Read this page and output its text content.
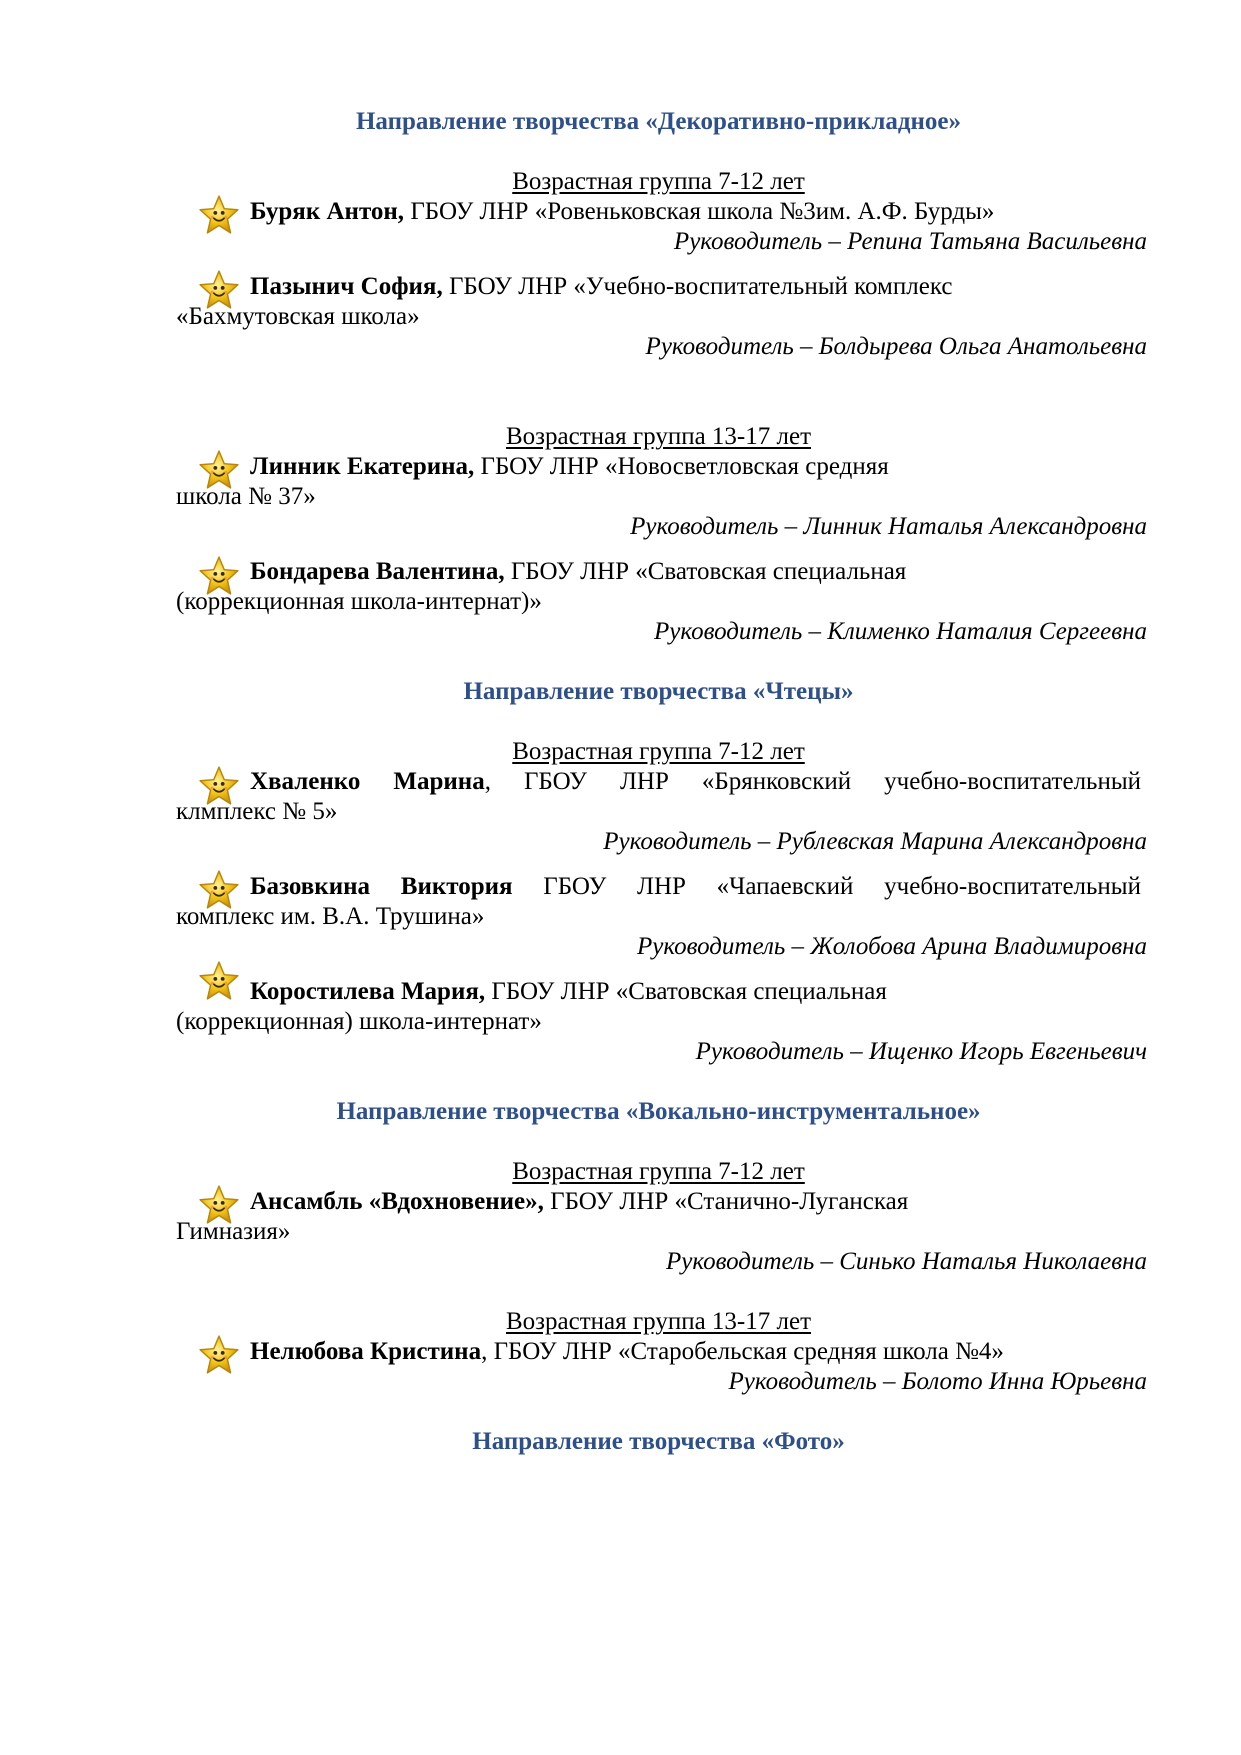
Направление творчества «Декоративно-прикладное»
Возрастная группа 7-12 лет
Буряк Антон, ГБОУ ЛНР «Ровеньковская школа №3им. А.Ф. Бурды»
Руководитель – Репина Татьяна Васильевна
Пазынич София, ГБОУ ЛНР «Учебно-воспитательный комплекс
«Бахмутовская школа»
Руководитель – Болдырева Ольга Анатольевна
Возрастная группа 13-17 лет
Линник Екатерина, ГБОУ ЛНР «Новосветловская средняя
школа № 37»
Руководитель – Линник Наталья Александровна
Бондарева Валентина, ГБОУ ЛНР «Сватовская специальная
(коррекционная школа-интернат)»
Руководитель – Клименко Наталия Сергеевна
Направление творчества «Чтецы»
Возрастная группа 7-12 лет
Хваленко Марина, ГБОУ ЛНР «Брянковский учебно-воспитательный
клмплекс № 5»
Руководитель – Рублевская Марина Александровна
Базовкина Виктория ГБОУ ЛНР «Чапаевский учебно-воспитательный
комплекс им. В.А. Трушина»
Руководитель – Жолобова Арина Владимировна
Коростилева Мария, ГБОУ ЛНР «Сватовская специальная
(коррекционная) школа-интернат»
Руководитель – Ищенко Игорь Евгеньевич
Направление творчества «Вокально-инструментальное»
Возрастная группа 7-12 лет
Ансамбль «Вдохновение», ГБОУ ЛНР «Станично-Луганская
Гимназия»
Руководитель – Синько Наталья Николаевна
Возрастная группа 13-17 лет
Нелюбова Кристина, ГБОУ ЛНР «Старобельская средняя школа №4»
Руководитель – Болото Инна Юрьевна
Направление творчества «Фото»
